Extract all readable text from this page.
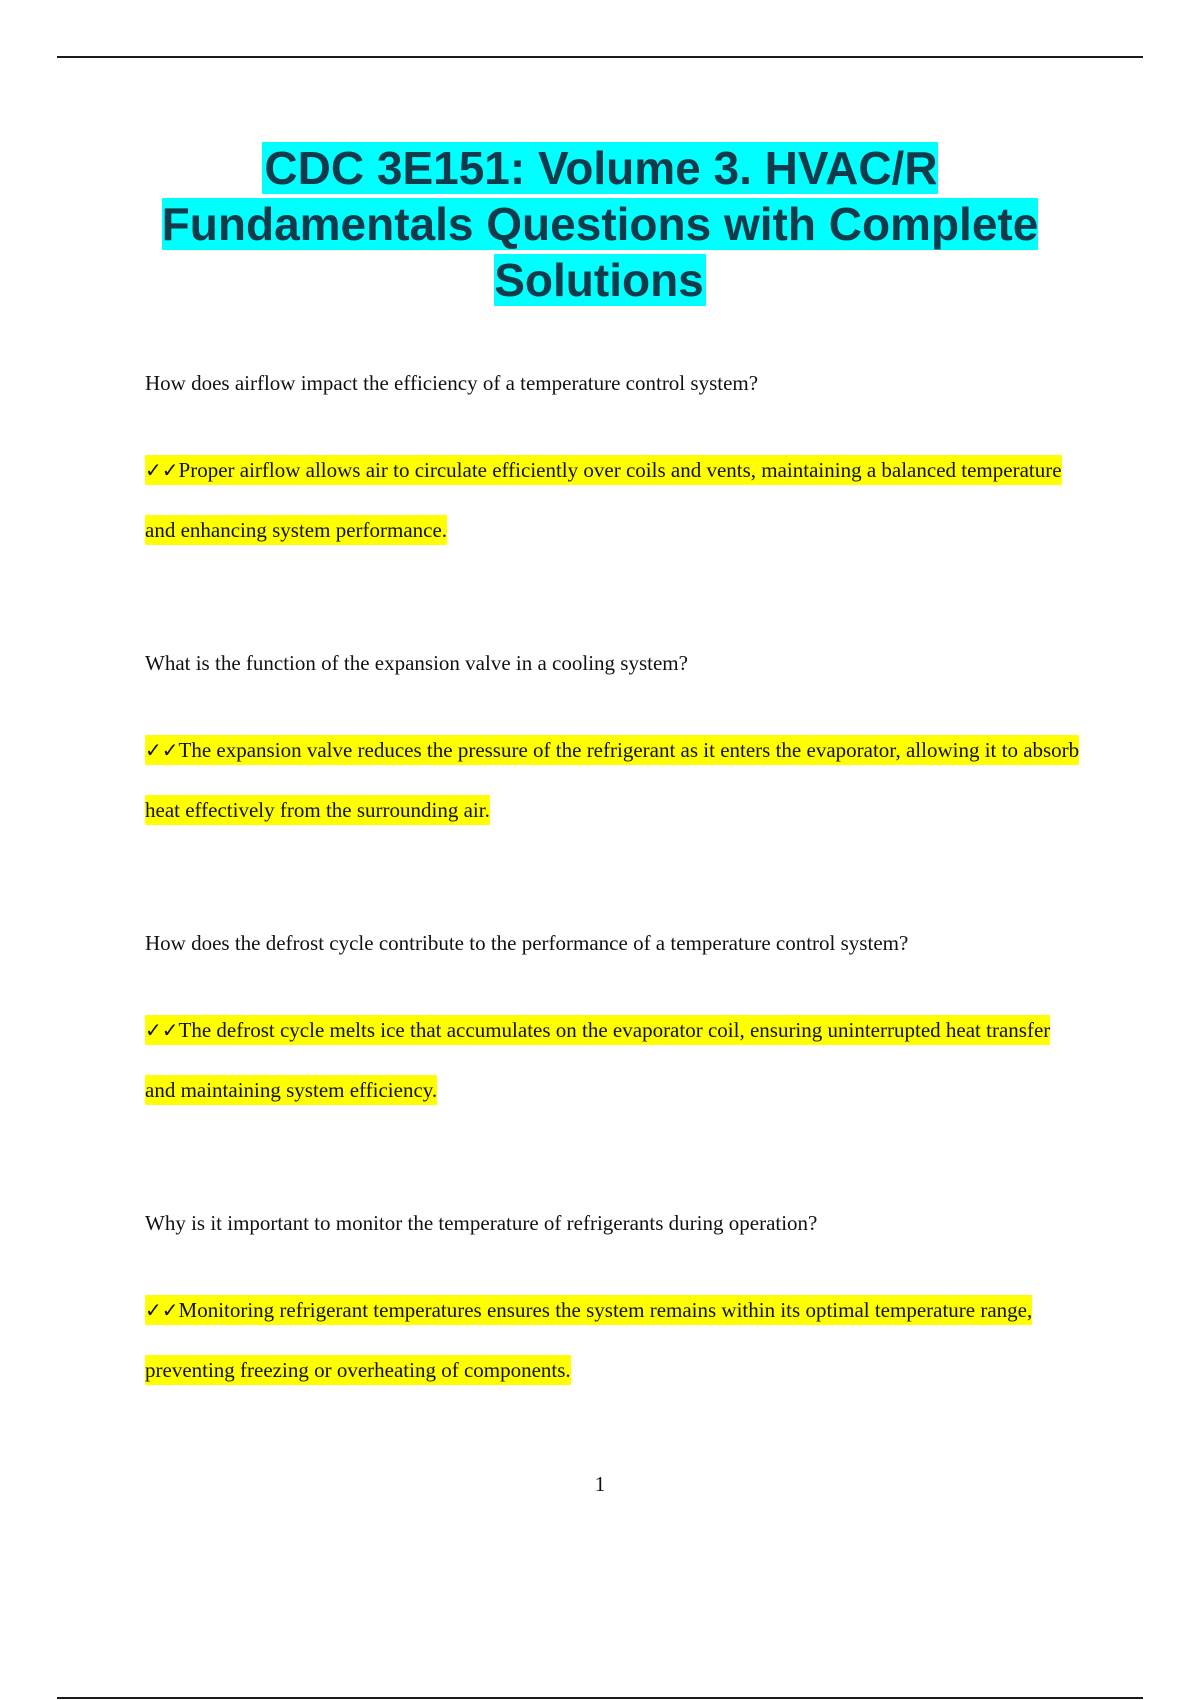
CDC 3E151: Volume 3. HVAC/R Fundamentals Questions with Complete Solutions

How does airflow impact the efficiency of a temperature control system?

✓✓Proper airflow allows air to circulate efficiently over coils and vents, maintaining a balanced temperature and enhancing system performance.

What is the function of the expansion valve in a cooling system?

✓✓The expansion valve reduces the pressure of the refrigerant as it enters the evaporator, allowing it to absorb heat effectively from the surrounding air.

How does the defrost cycle contribute to the performance of a temperature control system?

✓✓The defrost cycle melts ice that accumulates on the evaporator coil, ensuring uninterrupted heat transfer and maintaining system efficiency.

Why is it important to monitor the temperature of refrigerants during operation?

✓✓Monitoring refrigerant temperatures ensures the system remains within its optimal temperature range, preventing freezing or overheating of components.

1
